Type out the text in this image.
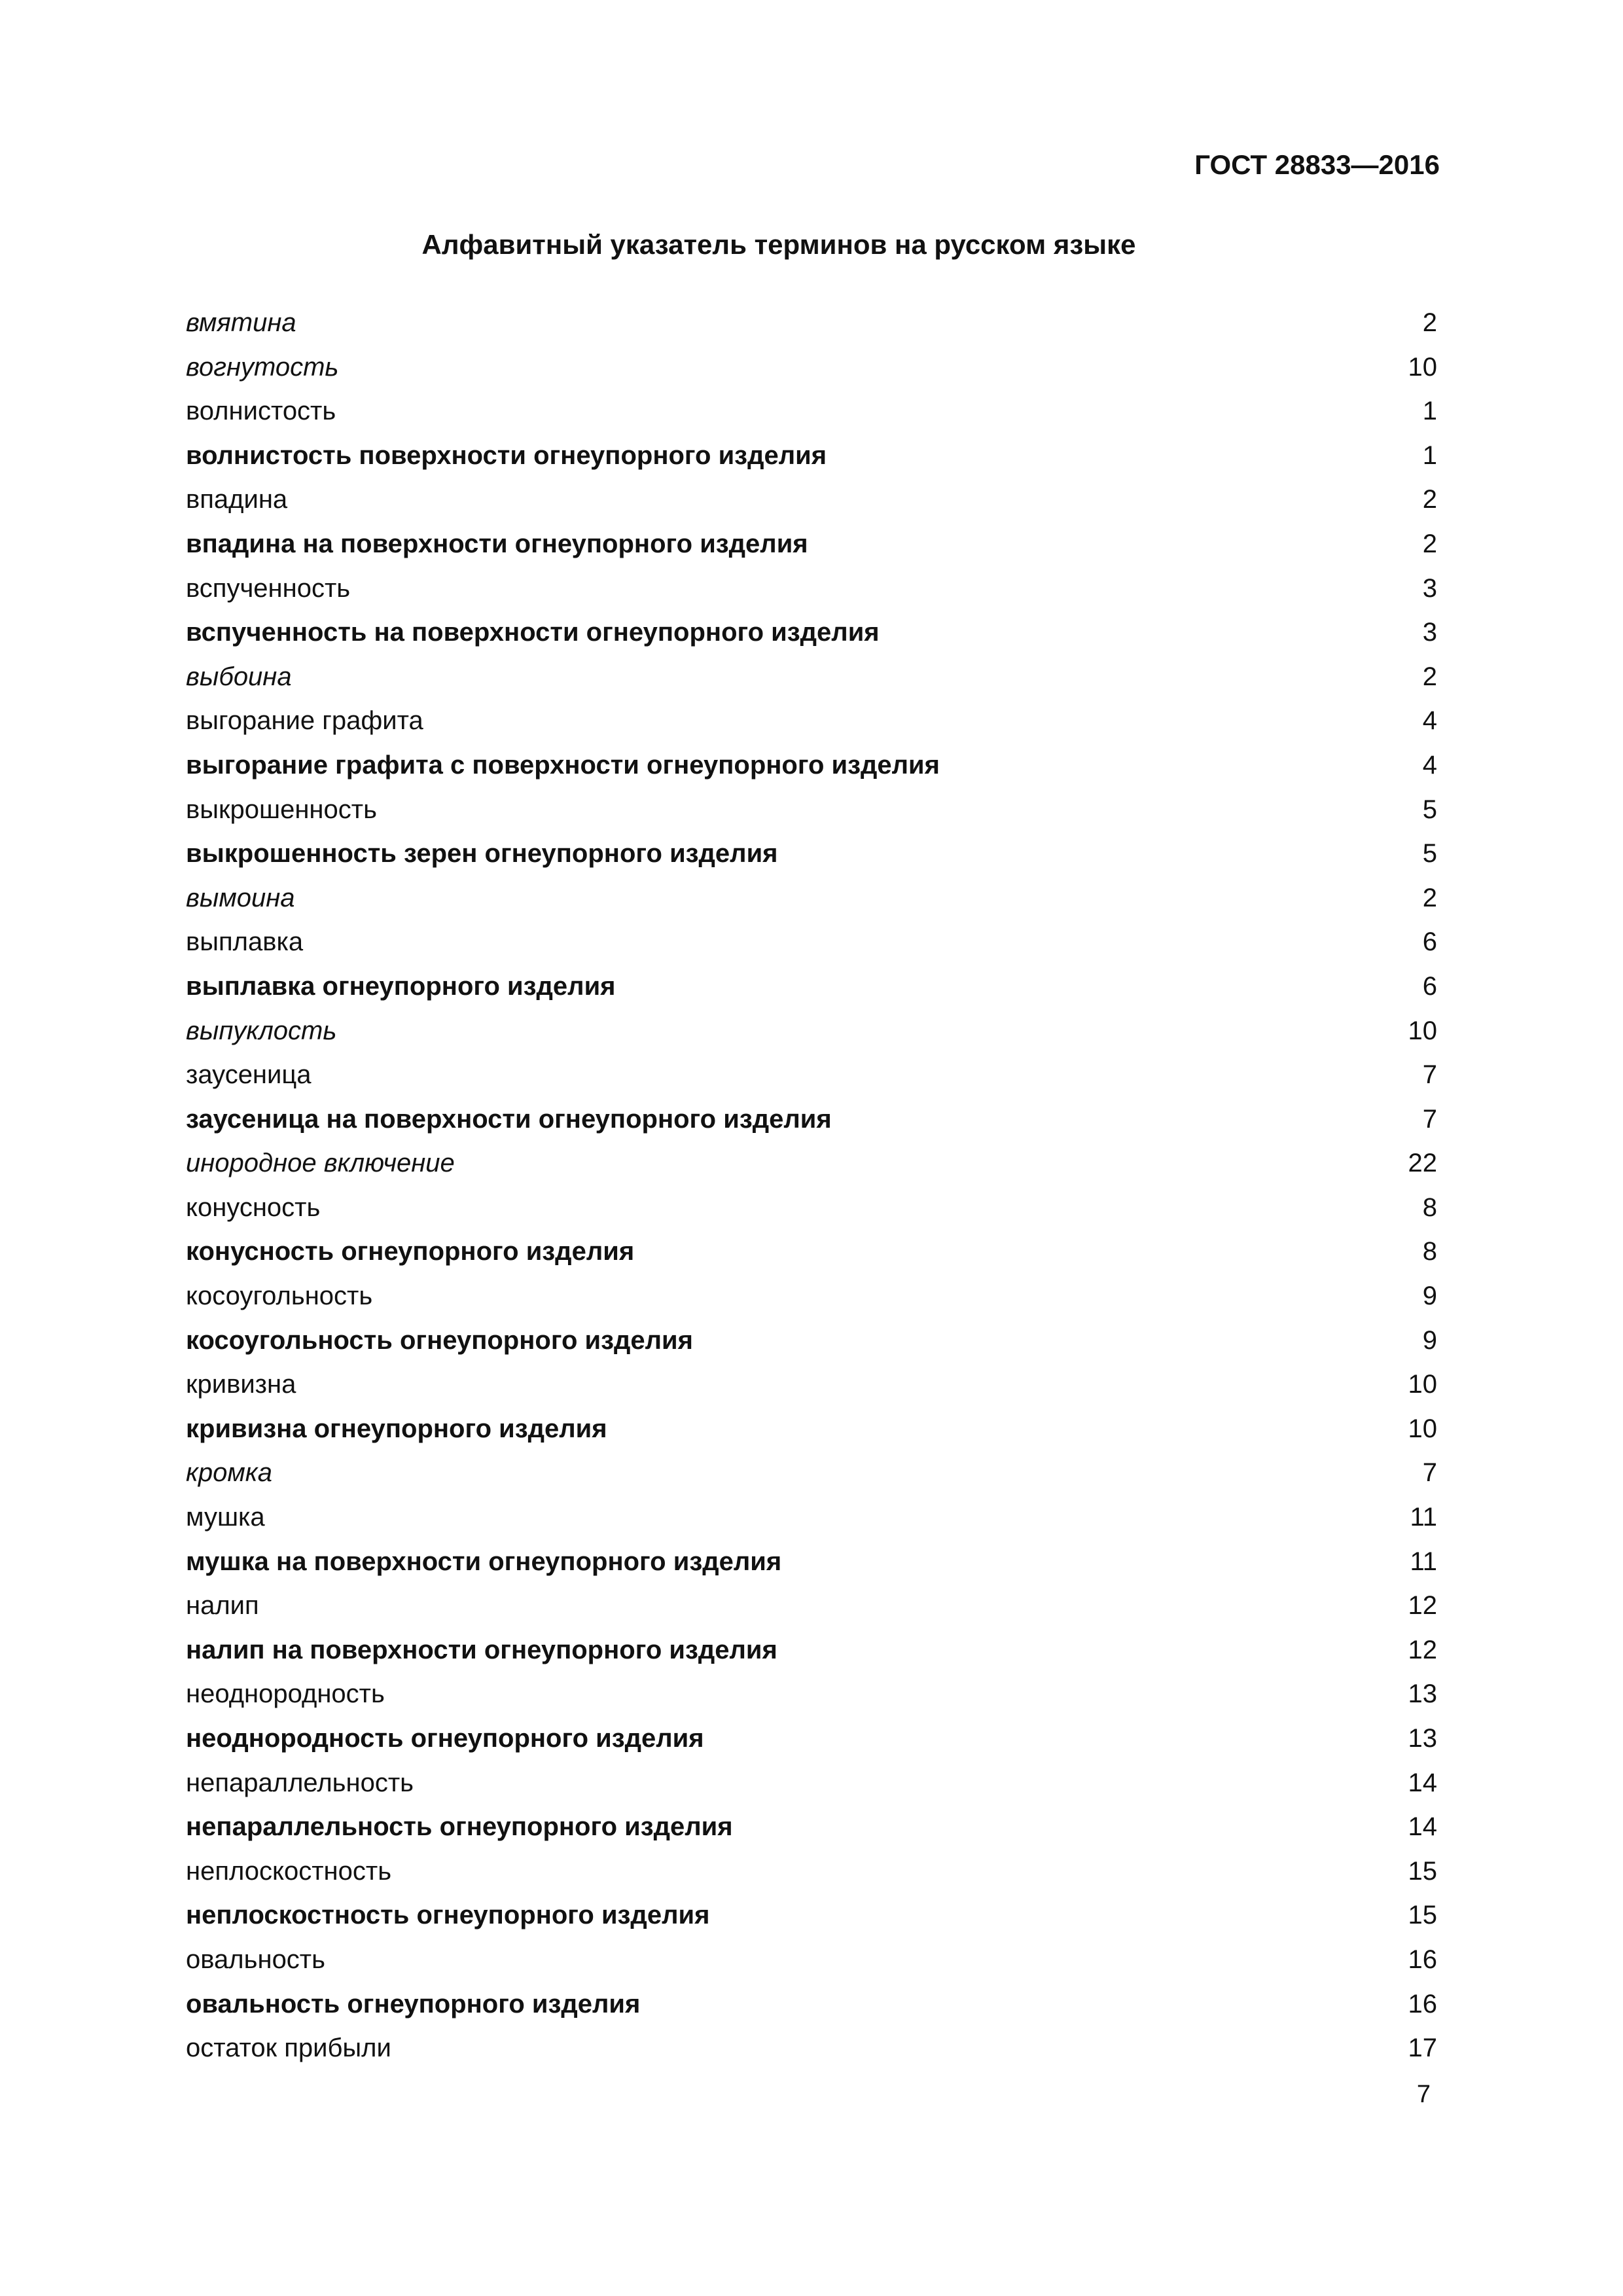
ГОСТ 28833—2016
Алфавитный указатель терминов на русском языке
вмятина	2
вогнутость	10
волнистость	1
волнистость поверхности огнеупорного изделия	1
впадина	2
впадина на поверхности огнеупорного изделия	2
вспученность	3
вспученность на поверхности огнеупорного изделия	3
выбоина	2
выгорание графита	4
выгорание графита с поверхности огнеупорного изделия	4
выкрошенность	5
выкрошенность зерен огнеупорного изделия	5
вымоина	2
выплавка	6
выплавка огнеупорного изделия	6
выпуклость	10
заусеница	7
заусеница на поверхности огнеупорного изделия	7
инородное включение	22
конусность	8
конусность огнеупорного изделия	8
косоугольность	9
косоугольность огнеупорного изделия	9
кривизна	10
кривизна огнеупорного изделия	10
кромка	7
мушка	11
мушка на поверхности огнеупорного изделия	11
налип	12
налип на поверхности огнеупорного изделия	12
неоднородность	13
неоднородность огнеупорного изделия	13
непараллельность	14
непараллельность огнеупорного изделия	14
неплоскостность	15
неплоскостность огнеупорного изделия	15
овальность	16
овальность огнеупорного изделия	16
остаток прибыли	17
7
